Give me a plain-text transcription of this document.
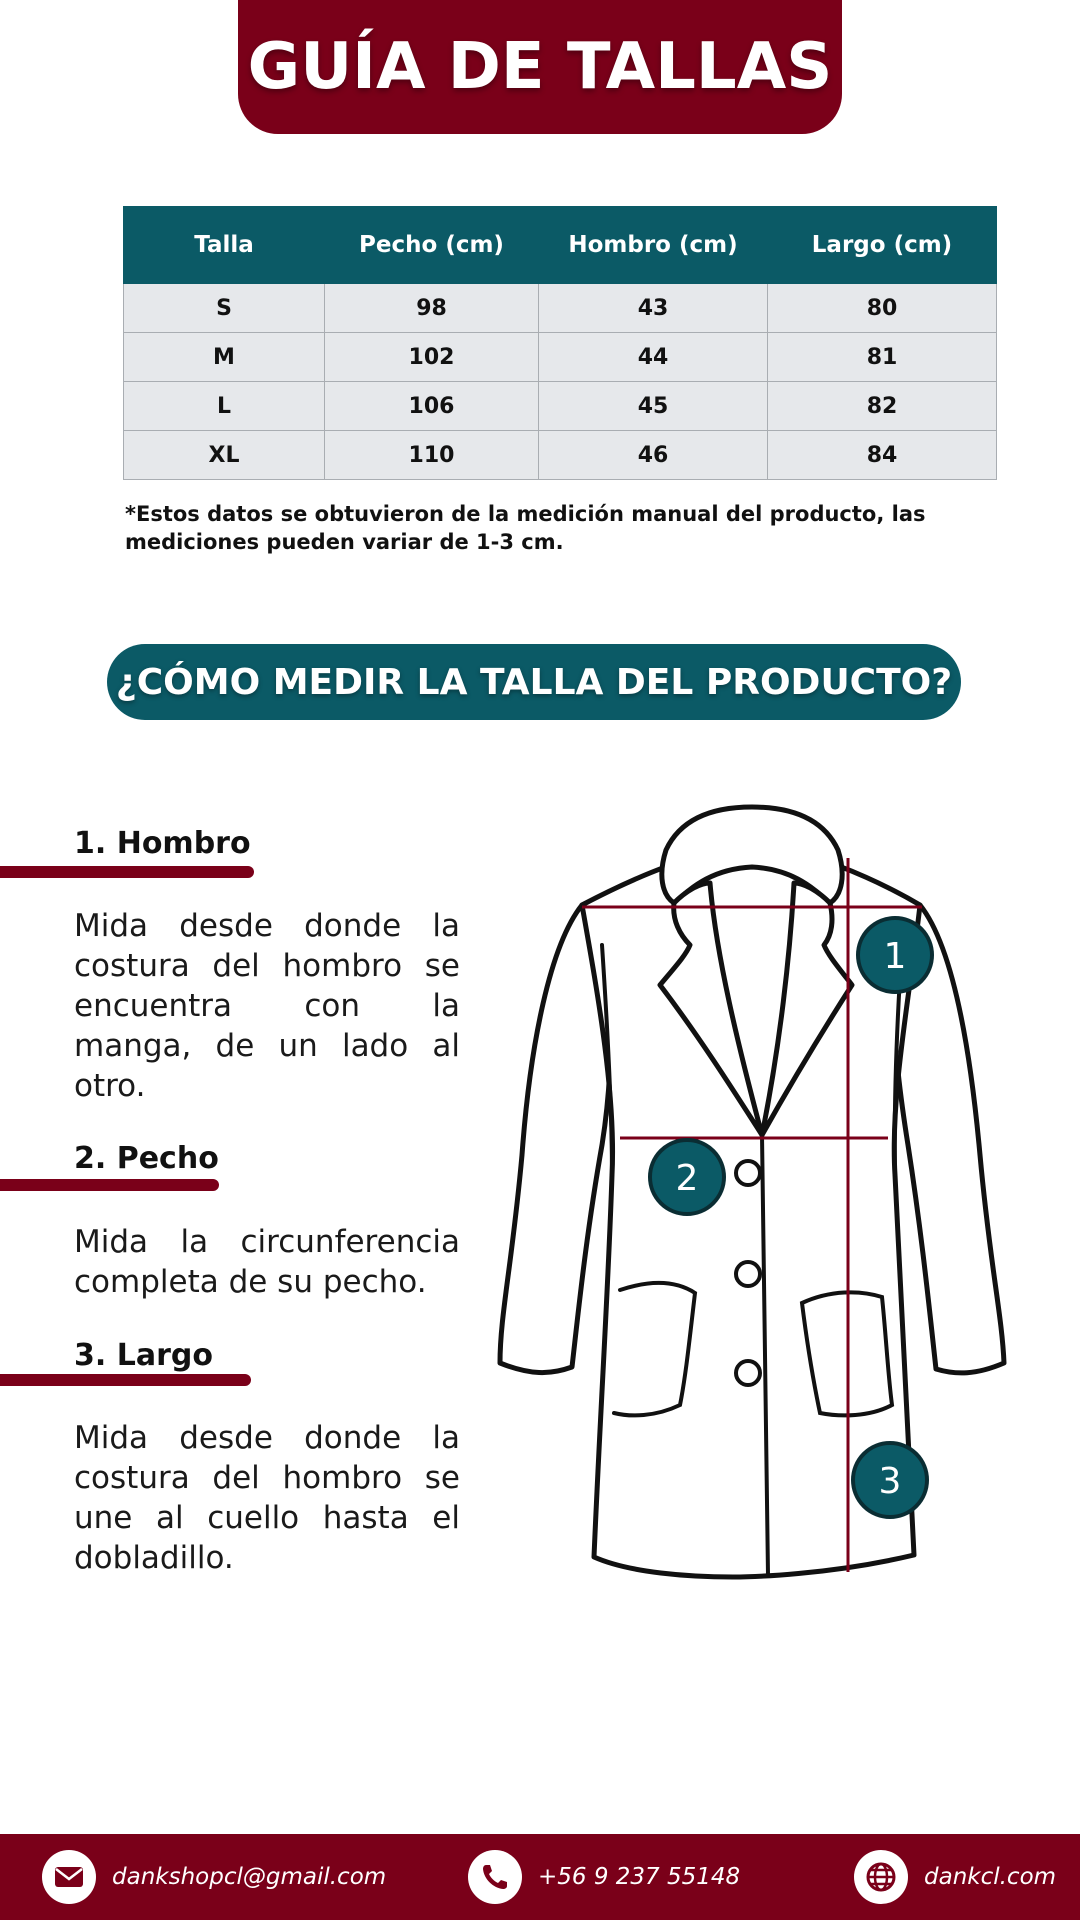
GUÍA DE TALLAS
Talla	Pecho (cm)	Hombro (cm)	Largo (cm)
S	98	43	80
M	102	44	81
L	106	45	82
XL	110	46	84

*Estos datos se obtuvieron de la medición manual del producto, las mediciones pueden variar de 1-3 cm.

¿CÓMO MEDIR LA TALLA DEL PRODUCTO?
1. Hombro

Mida desde donde la costura del hombro se encuentra con la manga, de un lado al otro.

2. Pecho

Mida la circunferencia completa de su pecho.

3. Largo

Mida desde donde la costura del hombro se une al cuello hasta el dobladillo.

1
2
3
dankshopcl@gmail.com	+56 9 237 55148	dankcl.com
